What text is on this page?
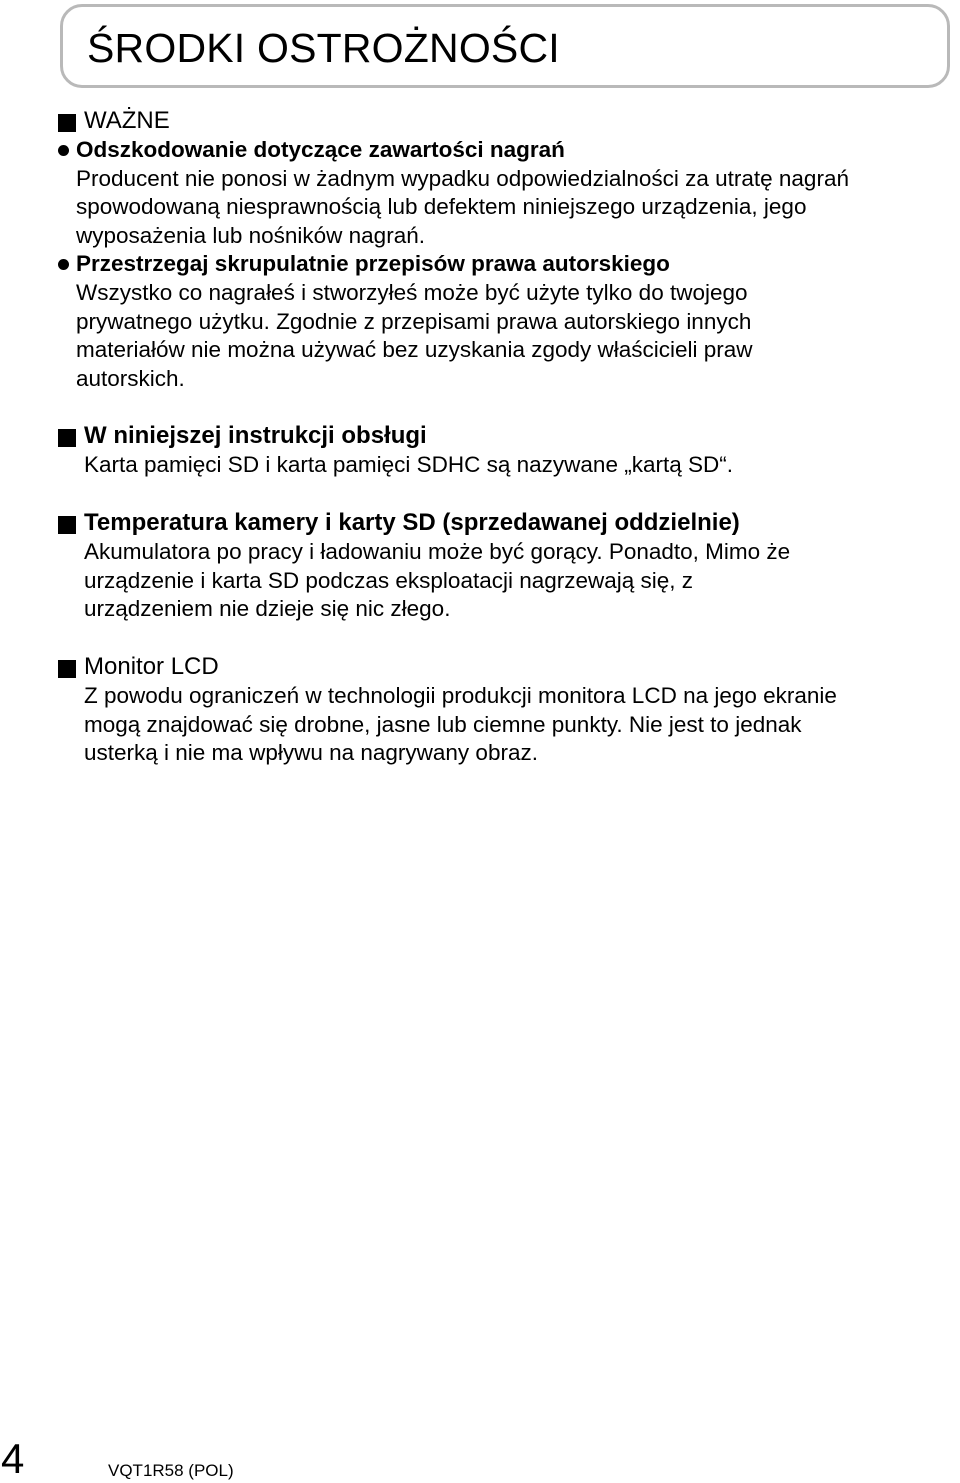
ŚRODKI OSTROŻNOŚCI
WAŻNE
Odszkodowanie dotyczące zawartości nagrań
Producent nie ponosi w żadnym wypadku odpowiedzialności za utratę nagrań
spowodowaną niesprawnością lub defektem niniejszego urządzenia, jego
wyposażenia lub nośników nagrań.
Przestrzegaj skrupulatnie przepisów prawa autorskiego
Wszystko co nagrałeś i stworzyłeś może być użyte tylko do twojego
prywatnego użytku. Zgodnie z przepisami prawa autorskiego innych
materiałów nie można używać bez uzyskania zgody właścicieli praw
autorskich.
W niniejszej instrukcji obsługi
Karta pamięci SD i karta pamięci SDHC są nazywane „kartą SD“.
Temperatura kamery i karty SD (sprzedawanej oddzielnie)
Akumulatora po pracy i ładowaniu może być gorący. Ponadto, Mimo że
urządzenie i karta SD podczas eksploatacji nagrzewają się, z
urządzeniem nie dzieje się nic złego.
Monitor LCD
Z powodu ograniczeń w technologii produkcji monitora LCD na jego ekranie
mogą znajdować się drobne, jasne lub ciemne punkty. Nie jest to jednak
usterką i nie ma wpływu na nagrywany obraz.
4	VQT1R58 (POL)
